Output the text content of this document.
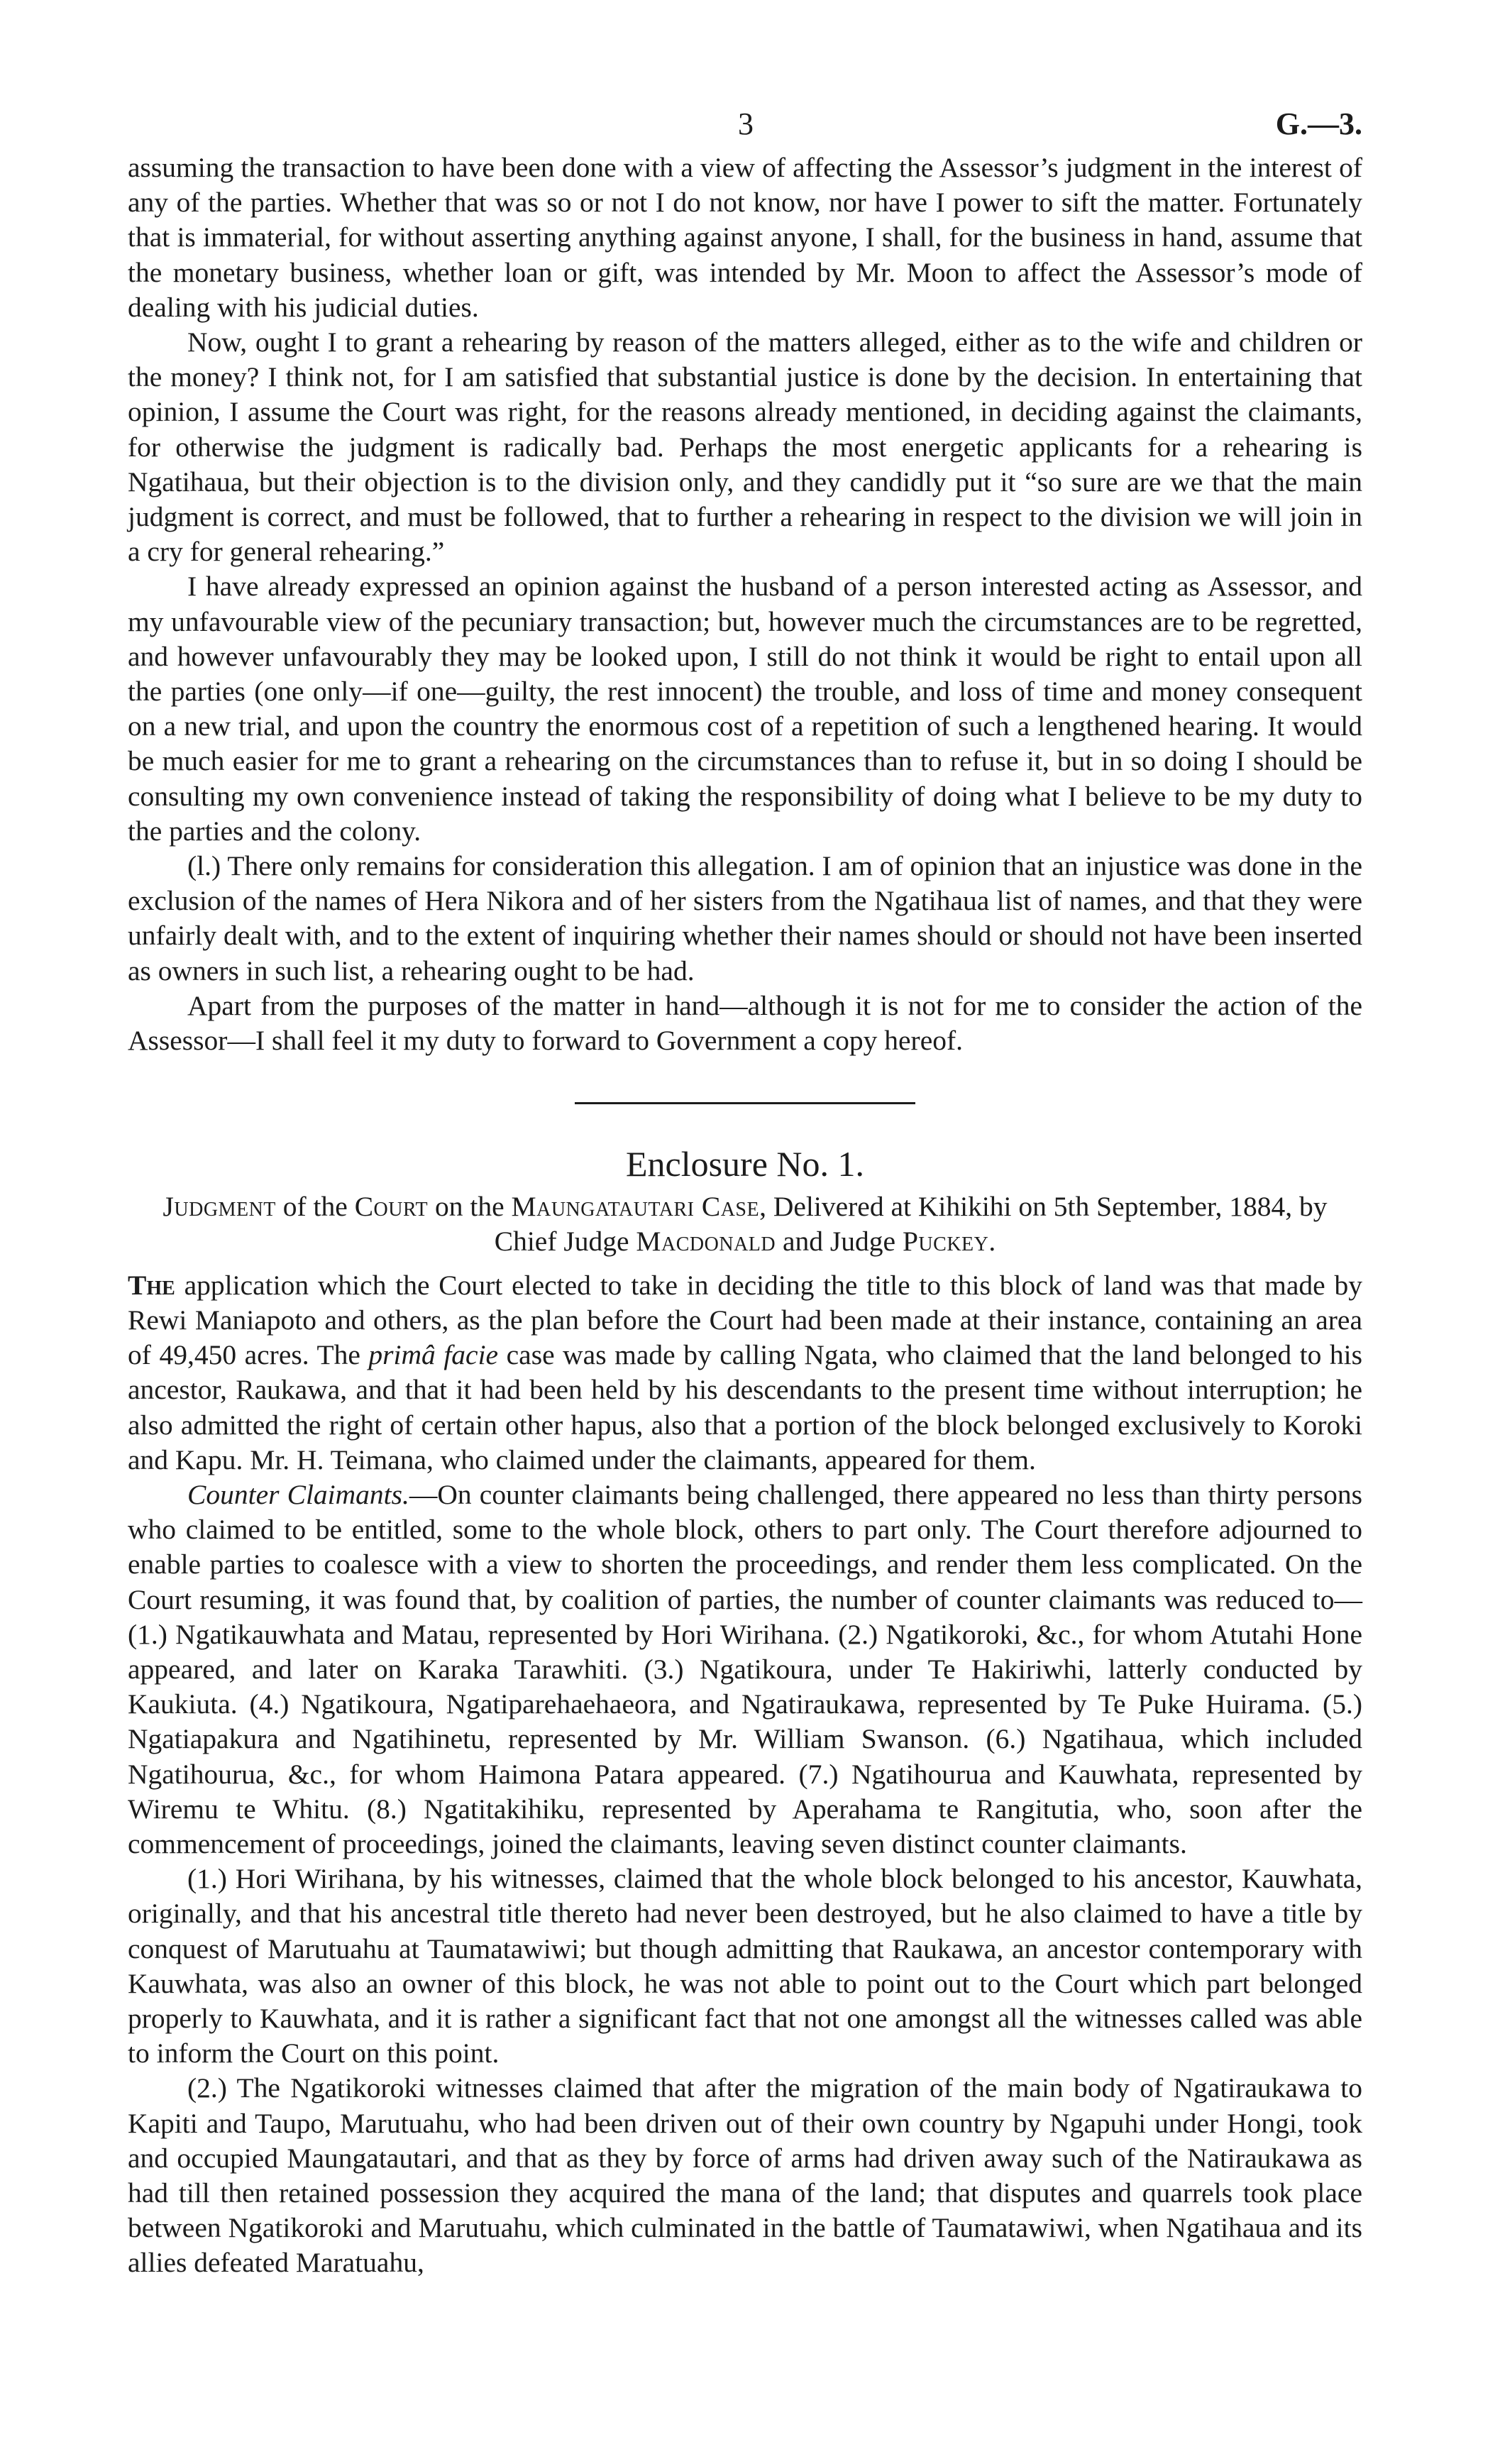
3	G.—3.

assuming the transaction to have been done with a view of affecting the Assessor’s judgment in the interest of any of the parties. Whether that was so or not I do not know, nor have I power to sift the matter. Fortunately that is immaterial, for without asserting anything against anyone, I shall, for the business in hand, assume that the monetary business, whether loan or gift, was intended by Mr. Moon to affect the Assessor’s mode of dealing with his judicial duties.

Now, ought I to grant a rehearing by reason of the matters alleged, either as to the wife and children or the money? I think not, for I am satisfied that substantial justice is done by the decision. In entertaining that opinion, I assume the Court was right, for the reasons already mentioned, in deciding against the claimants, for otherwise the judgment is radically bad. Perhaps the most energetic applicants for a rehearing is Ngatihaua, but their objection is to the division only, and they candidly put it “so sure are we that the main judgment is correct, and must be followed, that to further a rehearing in respect to the division we will join in a cry for general rehearing.”

I have already expressed an opinion against the husband of a person interested acting as Assessor, and my unfavourable view of the pecuniary transaction; but, however much the circumstances are to be regretted, and however unfavourably they may be looked upon, I still do not think it would be right to entail upon all the parties (one only—if one—guilty, the rest innocent) the trouble, and loss of time and money consequent on a new trial, and upon the country the enormous cost of a repetition of such a lengthened hearing. It would be much easier for me to grant a rehearing on the circumstances than to refuse it, but in so doing I should be consulting my own convenience instead of taking the responsibility of doing what I believe to be my duty to the parties and the colony.

(l.) There only remains for consideration this allegation. I am of opinion that an injustice was done in the exclusion of the names of Hera Nikora and of her sisters from the Ngatihaua list of names, and that they were unfairly dealt with, and to the extent of inquiring whether their names should or should not have been inserted as owners in such list, a rehearing ought to be had.

Apart from the purposes of the matter in hand—although it is not for me to consider the action of the Assessor—I shall feel it my duty to forward to Government a copy hereof.

Enclosure No. 1.

Judgment of the Court on the Maungatautari Case, Delivered at Kihikihi on 5th September, 1884, by Chief Judge Macdonald and Judge Puckey.

The application which the Court elected to take in deciding the title to this block of land was that made by Rewi Maniapoto and others, as the plan before the Court had been made at their instance, containing an area of 49,450 acres. The primâ facie case was made by calling Ngata, who claimed that the land belonged to his ancestor, Raukawa, and that it had been held by his descendants to the present time without interruption; he also admitted the right of certain other hapus, also that a portion of the block belonged exclusively to Koroki and Kapu. Mr. H. Teimana, who claimed under the claimants, appeared for them.

Counter Claimants.—On counter claimants being challenged, there appeared no less than thirty persons who claimed to be entitled, some to the whole block, others to part only. The Court therefore adjourned to enable parties to coalesce with a view to shorten the proceedings, and render them less complicated. On the Court resuming, it was found that, by coalition of parties, the number of counter claimants was reduced to—(1.) Ngatikauwhata and Matau, represented by Hori Wirihana. (2.) Ngatikoroki, &c., for whom Atutahi Hone appeared, and later on Karaka Tarawhiti. (3.) Ngatikoura, under Te Hakiriwhi, latterly conducted by Kaukiuta. (4.) Ngatikoura, Ngatiparehaehaeora, and Ngatiraukawa, represented by Te Puke Huirama. (5.) Ngatiapakura and Ngatihinetu, represented by Mr. William Swanson. (6.) Ngatihaua, which included Ngatihourua, &c., for whom Haimona Patara appeared. (7.) Ngatihourua and Kauwhata, represented by Wiremu te Whitu. (8.) Ngatitakihiku, represented by Aperahama te Rangitutia, who, soon after the commencement of proceedings, joined the claimants, leaving seven distinct counter claimants.

(1.) Hori Wirihana, by his witnesses, claimed that the whole block belonged to his ancestor, Kauwhata, originally, and that his ancestral title thereto had never been destroyed, but he also claimed to have a title by conquest of Marutuahu at Taumatawiwi; but though admitting that Raukawa, an ancestor contemporary with Kauwhata, was also an owner of this block, he was not able to point out to the Court which part belonged properly to Kauwhata, and it is rather a significant fact that not one amongst all the witnesses called was able to inform the Court on this point.

(2.) The Ngatikoroki witnesses claimed that after the migration of the main body of Ngatiraukawa to Kapiti and Taupo, Marutuahu, who had been driven out of their own country by Ngapuhi under Hongi, took and occupied Maungatautari, and that as they by force of arms had driven away such of the Natiraukawa as had till then retained possession they acquired the mana of the land; that disputes and quarrels took place between Ngatikoroki and Marutuahu, which culminated in the battle of Taumatawiwi, when Ngatihaua and its allies defeated Maratuahu,
